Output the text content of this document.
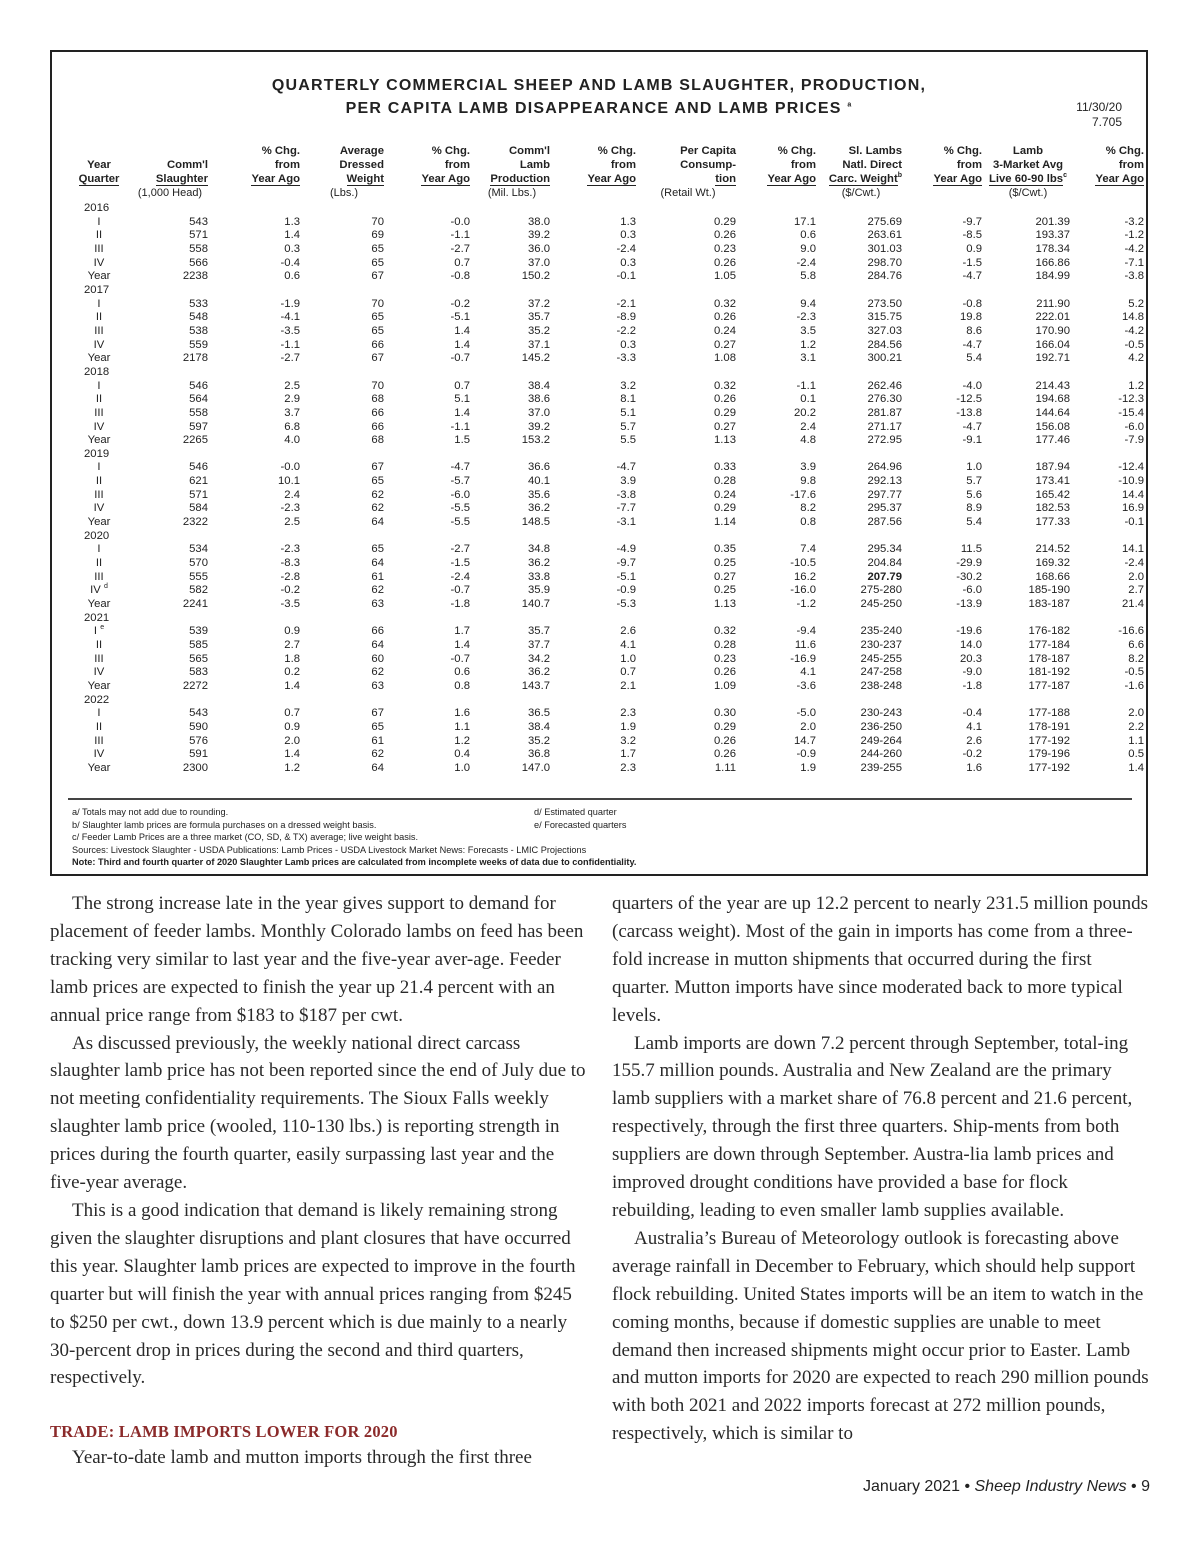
QUARTERLY COMMERCIAL SHEEP AND LAMB SLAUGHTER, PRODUCTION,
PER CAPITA LAMB DISAPPEARANCE AND LAMB PRICES $^a$	11/30/20
7.705
		% Chg.	Average	% Chg.	Comm'l	% Chg.	Per Capita	% Chg.	Sl. Lambs	% Chg.	Lamb	% Chg.
Year	Comm'l	from	Dressed	from	Lamb	from	Consump-	from	Natl. Direct	from	3-Market Avg	from
Quarter	Slaughter	Year Ago	Weight	Year Ago	Production	Year Ago	tion	Year Ago	Carc. Weight$^b$	Year Ago	Live 60-90 lbs$^c$	Year Ago
	(1,000 Head)		(Lbs.)		(Mil. Lbs.)		(Retail Wt.)		($/Cwt.)		($/Cwt.)	
2016												
I	543	1.3	70	-0.0	38.0	1.3	0.29	17.1	275.69	-9.7	201.39	-3.2
II	571	1.4	69	-1.1	39.2	0.3	0.26	0.6	263.61	-8.5	193.37	-1.2
III	558	0.3	65	-2.7	36.0	-2.4	0.23	9.0	301.03	0.9	178.34	-4.2
IV	566	-0.4	65	0.7	37.0	0.3	0.26	-2.4	298.70	-1.5	166.86	-7.1
Year	2238	0.6	67	-0.8	150.2	-0.1	1.05	5.8	284.76	-4.7	184.99	-3.8
2017												
I	533	-1.9	70	-0.2	37.2	-2.1	0.32	9.4	273.50	-0.8	211.90	5.2
II	548	-4.1	65	-5.1	35.7	-8.9	0.26	-2.3	315.75	19.8	222.01	14.8
III	538	-3.5	65	1.4	35.2	-2.2	0.24	3.5	327.03	8.6	170.90	-4.2
IV	559	-1.1	66	1.4	37.1	0.3	0.27	1.2	284.56	-4.7	166.04	-0.5
Year	2178	-2.7	67	-0.7	145.2	-3.3	1.08	3.1	300.21	5.4	192.71	4.2
2018												
I	546	2.5	70	0.7	38.4	3.2	0.32	-1.1	262.46	-4.0	214.43	1.2
II	564	2.9	68	5.1	38.6	8.1	0.26	0.1	276.30	-12.5	194.68	-12.3
III	558	3.7	66	1.4	37.0	5.1	0.29	20.2	281.87	-13.8	144.64	-15.4
IV	597	6.8	66	-1.1	39.2	5.7	0.27	2.4	271.17	-4.7	156.08	-6.0
Year	2265	4.0	68	1.5	153.2	5.5	1.13	4.8	272.95	-9.1	177.46	-7.9
2019												
I	546	-0.0	67	-4.7	36.6	-4.7	0.33	3.9	264.96	1.0	187.94	-12.4
II	621	10.1	65	-5.7	40.1	3.9	0.28	9.8	292.13	5.7	173.41	-10.9
III	571	2.4	62	-6.0	35.6	-3.8	0.24	-17.6	297.77	5.6	165.42	14.4
IV	584	-2.3	62	-5.5	36.2	-7.7	0.29	8.2	295.37	8.9	182.53	16.9
Year	2322	2.5	64	-5.5	148.5	-3.1	1.14	0.8	287.56	5.4	177.33	-0.1
2020												
I	534	-2.3	65	-2.7	34.8	-4.9	0.35	7.4	295.34	11.5	214.52	14.1
II	570	-8.3	64	-1.5	36.2	-9.7	0.25	-10.5	204.84	-29.9	169.32	-2.4
III	555	-2.8	61	-2.4	33.8	-5.1	0.27	16.2	207.79	-30.2	168.66	2.0
IV $^d$	582	-0.2	62	-0.7	35.9	-0.9	0.25	-16.0	275-280	-6.0	185-190	2.7
Year	2241	-3.5	63	-1.8	140.7	-5.3	1.13	-1.2	245-250	-13.9	183-187	21.4
2021												
I $^e$	539	0.9	66	1.7	35.7	2.6	0.32	-9.4	235-240	-19.6	176-182	-16.6
II	585	2.7	64	1.4	37.7	4.1	0.28	11.6	230-237	14.0	177-184	6.6
III	565	1.8	60	-0.7	34.2	1.0	0.23	-16.9	245-255	20.3	178-187	8.2
IV	583	0.2	62	0.6	36.2	0.7	0.26	4.1	247-258	-9.0	181-192	-0.5
Year	2272	1.4	63	0.8	143.7	2.1	1.09	-3.6	238-248	-1.8	177-187	-1.6
2022												
I	543	0.7	67	1.6	36.5	2.3	0.30	-5.0	230-243	-0.4	177-188	2.0
II	590	0.9	65	1.1	38.4	1.9	0.29	2.0	236-250	4.1	178-191	2.2
III	576	2.0	61	1.2	35.2	3.2	0.26	14.7	249-264	2.6	177-192	1.1
IV	591	1.4	62	0.4	36.8	1.7	0.26	-0.9	244-260	-0.2	179-196	0.5
Year	2300	1.2	64	1.0	147.0	2.3	1.11	1.9	239-255	1.6	177-192	1.4
a/ Totals may not add due to rounding.
b/ Slaughter lamb prices are formula purchases on a dressed weight basis.
c/ Feeder Lamb Prices are a three market (CO, SD, & TX) average; live weight basis.
Sources: Livestock Slaughter - USDA Publications: Lamb Prices - USDA Livestock Market News: Forecasts - LMIC Projections
Note: Third and fourth quarter of 2020 Slaughter Lamb prices are calculated from incomplete weeks of data due to confidentiality.
d/ Estimated quarter
e/ Forecasted quarters

The strong increase late in the year gives support to demand for placement of feeder lambs. Monthly Colorado lambs on feed has been tracking very similar to last year and the five-year aver-age. Feeder lamb prices are expected to finish the year up 21.4 percent with an annual price range from $183 to $187 per cwt.

As discussed previously, the weekly national direct carcass slaughter lamb price has not been reported since the end of July due to not meeting confidentiality requirements. The Sioux Falls weekly slaughter lamb price (wooled, 110-130 lbs.) is reporting strength in prices during the fourth quarter, easily surpassing last year and the five-year average.

This is a good indication that demand is likely remaining strong given the slaughter disruptions and plant closures that have occurred this year. Slaughter lamb prices are expected to improve in the fourth quarter but will finish the year with annual prices ranging from $245 to $250 per cwt., down 13.9 percent which is due mainly to a nearly 30-percent drop in prices during the second and third quarters, respectively.

TRADE: LAMB IMPORTS LOWER FOR 2020

Year-to-date lamb and mutton imports through the first three

quarters of the year are up 12.2 percent to nearly 231.5 million pounds (carcass weight). Most of the gain in imports has come from a three-fold increase in mutton shipments that occurred during the first quarter. Mutton imports have since moderated back to more typical levels.

Lamb imports are down 7.2 percent through September, total-ing 155.7 million pounds. Australia and New Zealand are the primary lamb suppliers with a market share of 76.8 percent and 21.6 percent, respectively, through the first three quarters. Ship-ments from both suppliers are down through September. Austra-lia lamb prices and improved drought conditions have provided a base for flock rebuilding, leading to even smaller lamb supplies available.

Australia’s Bureau of Meteorology outlook is forecasting above average rainfall in December to February, which should help support flock rebuilding. United States imports will be an item to watch in the coming months, because if domestic supplies are unable to meet demand then increased shipments might occur prior to Easter. Lamb and mutton imports for 2020 are expected to reach 290 million pounds with both 2021 and 2022 imports forecast at 272 million pounds, respectively, which is similar to

January 2021 • Sheep Industry News • 9
